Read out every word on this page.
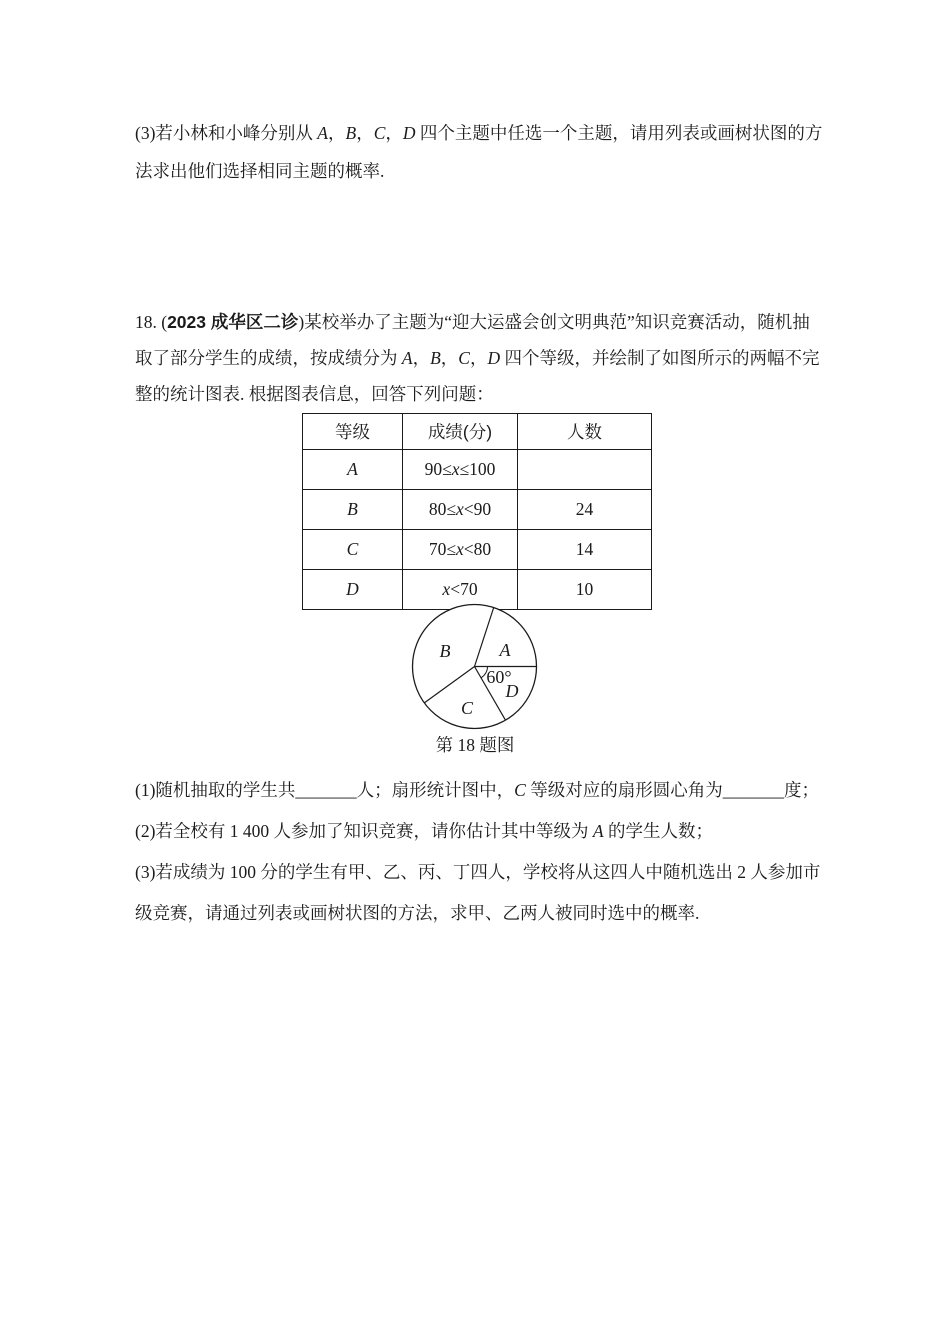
(3)若小林和小峰分别从 A，B，C，D 四个主题中任选一个主题，请用列表或画树状图的方
法求出他们选择相同主题的概率.
18. (2023 成华区二诊)某校举办了主题为“迎大运盛会创文明典范”知识竞赛活动，随机抽
取了部分学生的成绩，按成绩分为 A，B，C，D 四个等级，并绘制了如图所示的两幅不完
整的统计图表. 根据图表信息，回答下列问题：
等级	成绩(分)	人数
A	90≤x≤100	
B	80≤x<90	24
C	70≤x<80	14
D	x<70	10
B	A
C
D
60°
第 18 题图
(1)随机抽取的学生共_______人；扇形统计图中，C 等级对应的扇形圆心角为_______度；
(2)若全校有 1 400 人参加了知识竞赛，请你估计其中等级为 A 的学生人数；
(3)若成绩为 100 分的学生有甲、乙、丙、丁四人，学校将从这四人中随机选出 2 人参加市
级竞赛，请通过列表或画树状图的方法，求甲、乙两人被同时选中的概率.
